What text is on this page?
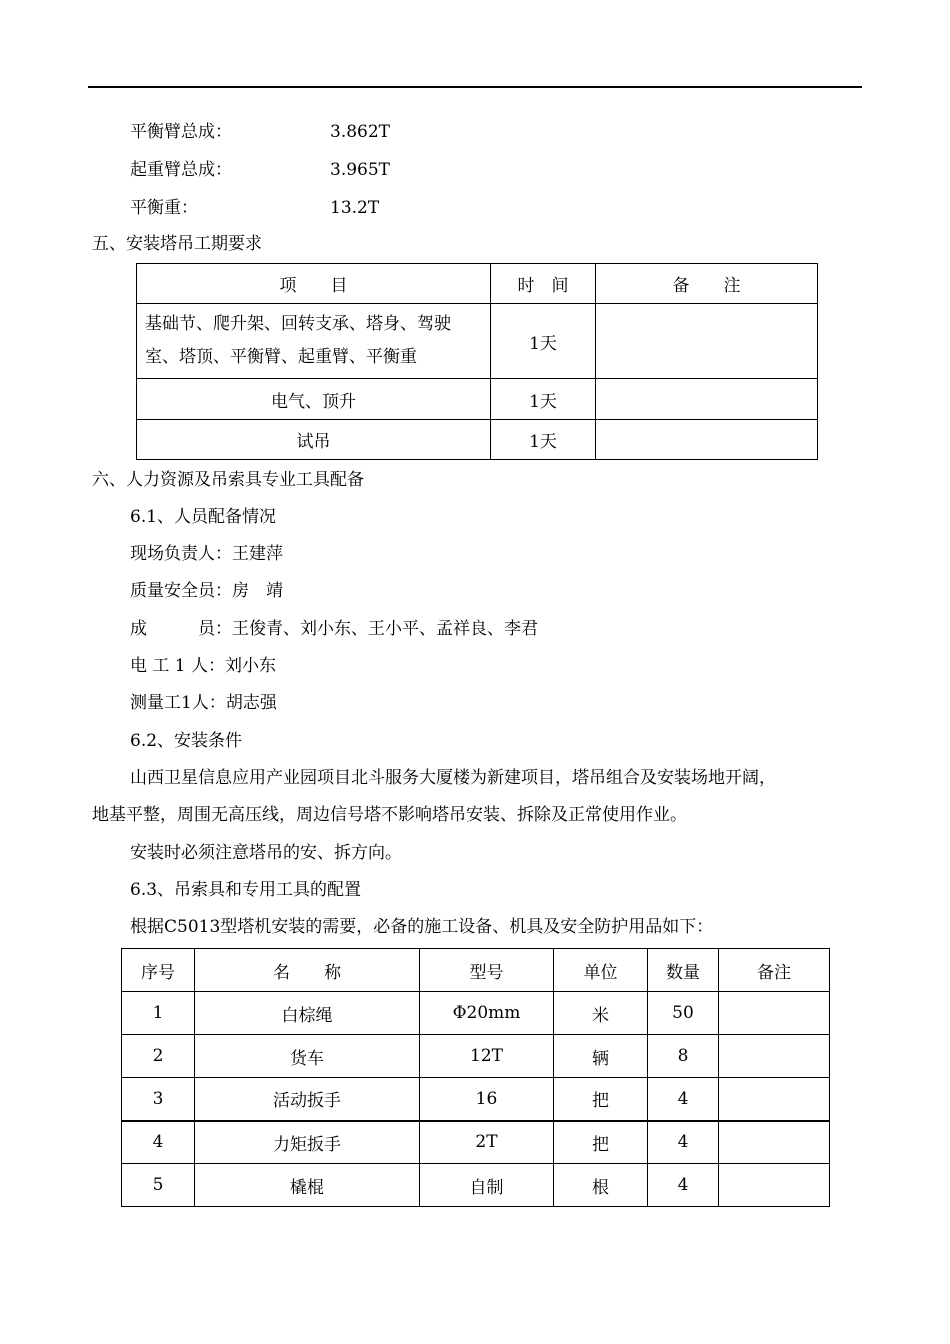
平衡臂总成：	3.862T
起重臂总成：	3.965T
平衡重：	13.2T
五、安装塔吊工期要求
项　　目	时　间	备　　注
基础节、爬升架、回转支承、塔身、驾驶室、塔顶、平衡臂、起重臂、平衡重	1天	
电气、顶升	1天	
试吊	1天	
六、人力资源及吊索具专业工具配备
6.1、人员配备情况
现场负责人：王建萍
质量安全员：房　靖
成　　　员：王俊青、刘小东、王小平、孟祥良、李君
电 工 1 人：刘小东
测量工1人：胡志强
6.2、安装条件
山西卫星信息应用产业园项目北斗服务大厦楼为新建项目，塔吊组合及安装场地开阔，
地基平整，周围无高压线，周边信号塔不影响塔吊安装、拆除及正常使用作业。
安装时必须注意塔吊的安、拆方向。
6.3、吊索具和专用工具的配置
根据C5013型塔机安装的需要，必备的施工设备、机具及安全防护用品如下：
序号	名　　称	型号	单位	数量	备注
1	白棕绳	Φ20mm	米	50	
2	货车	12T	辆	8	
3	活动扳手	16	把	4	
4	力矩扳手	2T	把	4	
5	橇棍	自制	根	4	
